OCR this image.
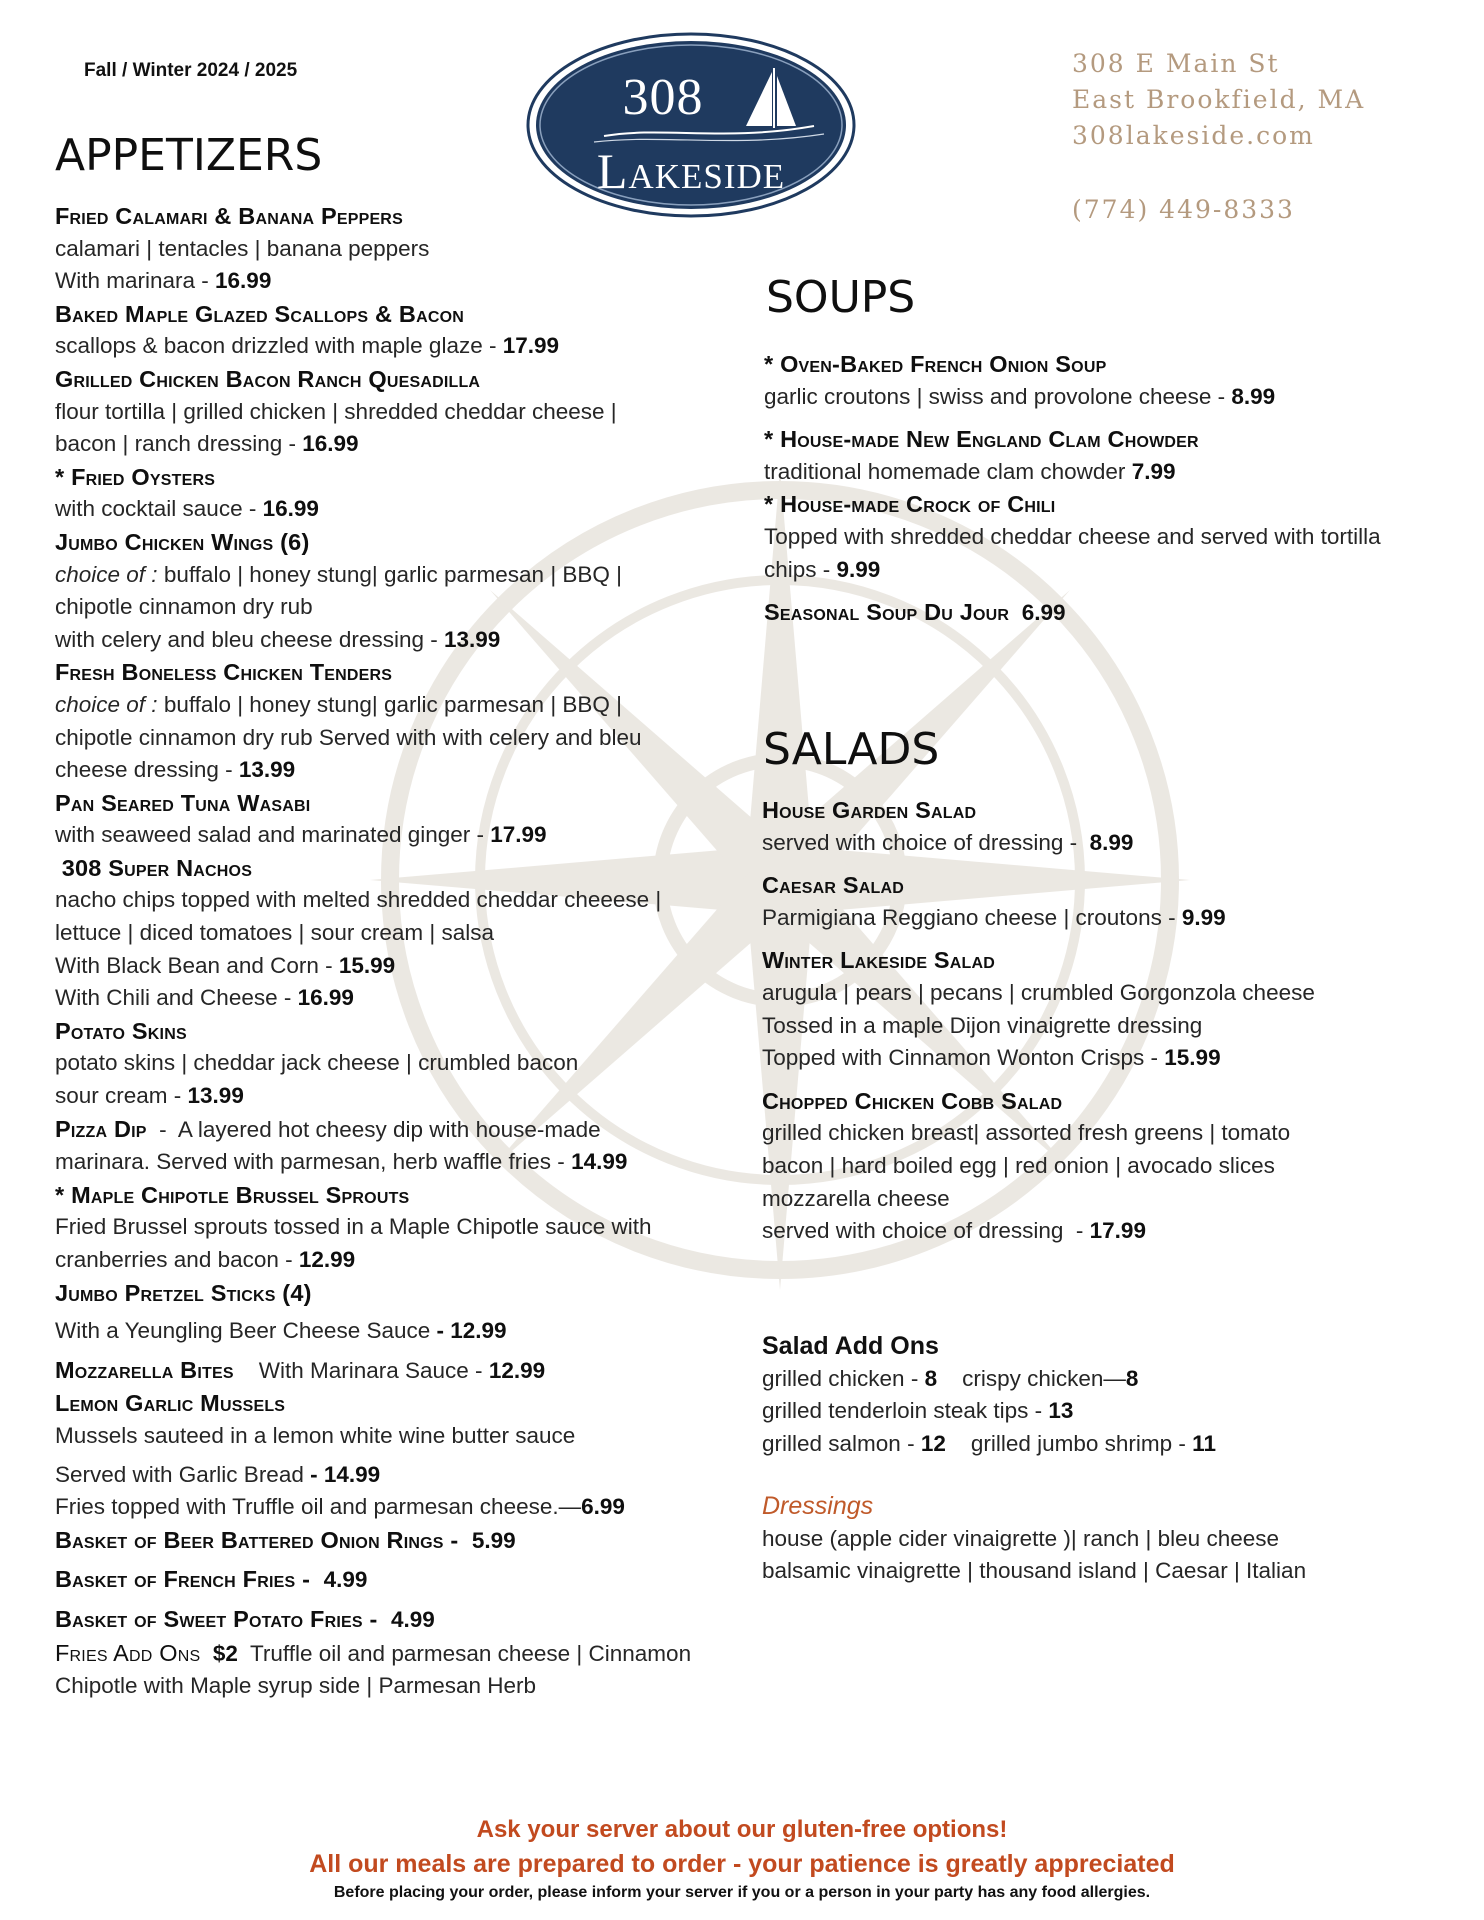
Fall / Winter 2024 / 2025	308
Lakeside
308 E Main St
East Brookfield, MA
308lakeside.com
(774) 449-8333
APPETIZERS
Fried Calamari & Banana Peppers
calamari | tentacles | banana peppers
With marinara - 16.99
Baked Maple Glazed Scallops & Bacon
scallops & bacon drizzled with maple glaze - 17.99
Grilled Chicken Bacon Ranch Quesadilla
flour tortilla | grilled chicken | shredded cheddar cheese |
bacon | ranch dressing - 16.99
* Fried Oysters
with cocktail sauce - 16.99
Jumbo Chicken Wings (6)
choice of : buffalo | honey stung| garlic parmesan | BBQ |
chipotle cinnamon dry rub
with celery and bleu cheese dressing - 13.99
Fresh Boneless Chicken Tenders
choice of : buffalo | honey stung| garlic parmesan | BBQ |
chipotle cinnamon dry rub Served with with celery and bleu
cheese dressing - 13.99
Pan Seared Tuna Wasabi
with seaweed salad and marinated ginger - 17.99
308 Super Nachos
nacho chips topped with melted shredded cheddar cheeese |
lettuce | diced tomatoes | sour cream | salsa
With Black Bean and Corn - 15.99
With Chili and Cheese - 16.99
Potato Skins
potato skins | cheddar jack cheese | crumbled bacon
sour cream - 13.99
Pizza Dip  -  A layered hot cheesy dip with house-made
marinara. Served with parmesan, herb waffle fries - 14.99
* Maple Chipotle Brussel Sprouts
Fried Brussel sprouts tossed in a Maple Chipotle sauce with
cranberries and bacon - 12.99
Jumbo Pretzel Sticks (4)
With a Yeungling Beer Cheese Sauce - 12.99
Mozzarella Bites    With Marinara Sauce - 12.99
Lemon Garlic Mussels
Mussels sauteed in a lemon white wine butter sauce
Served with Garlic Bread - 14.99
Fries topped with Truffle oil and parmesan cheese.—6.99
Basket of Beer Battered Onion Rings -  5.99
Basket of French Fries -  4.99
Basket of Sweet Potato Fries -  4.99
Fries Add Ons  $2  Truffle oil and parmesan cheese | Cinnamon
Chipotle with Maple syrup side | Parmesan Herb
SOUPS
* Oven-Baked French Onion Soup
garlic croutons | swiss and provolone cheese - 8.99
* House-made New England Clam Chowder
traditional homemade clam chowder 7.99
* House-made Crock of Chili
Topped with shredded cheddar cheese and served with tortilla
chips - 9.99
Seasonal Soup Du Jour  6.99
SALADS
House Garden Salad
served with choice of dressing -  8.99
Caesar Salad
Parmigiana Reggiano cheese | croutons - 9.99
Winter Lakeside Salad
arugula | pears | pecans | crumbled Gorgonzola cheese
Tossed in a maple Dijon vinaigrette dressing
Topped with Cinnamon Wonton Crisps - 15.99
Chopped Chicken Cobb Salad
grilled chicken breast| assorted fresh greens | tomato
bacon | hard boiled egg | red onion | avocado slices
mozzarella cheese
served with choice of dressing  - 17.99
Salad Add Ons
grilled chicken - 8    crispy chicken—8
grilled tenderloin steak tips - 13
grilled salmon - 12    grilled jumbo shrimp - 11
Dressings
house (apple cider vinaigrette )| ranch | bleu cheese
balsamic vinaigrette | thousand island | Caesar | Italian
Ask your server about our gluten-free options!
All our meals are prepared to order - your patience is greatly appreciated
Before placing your order, please inform your server if you or a person in your party has any food allergies.
